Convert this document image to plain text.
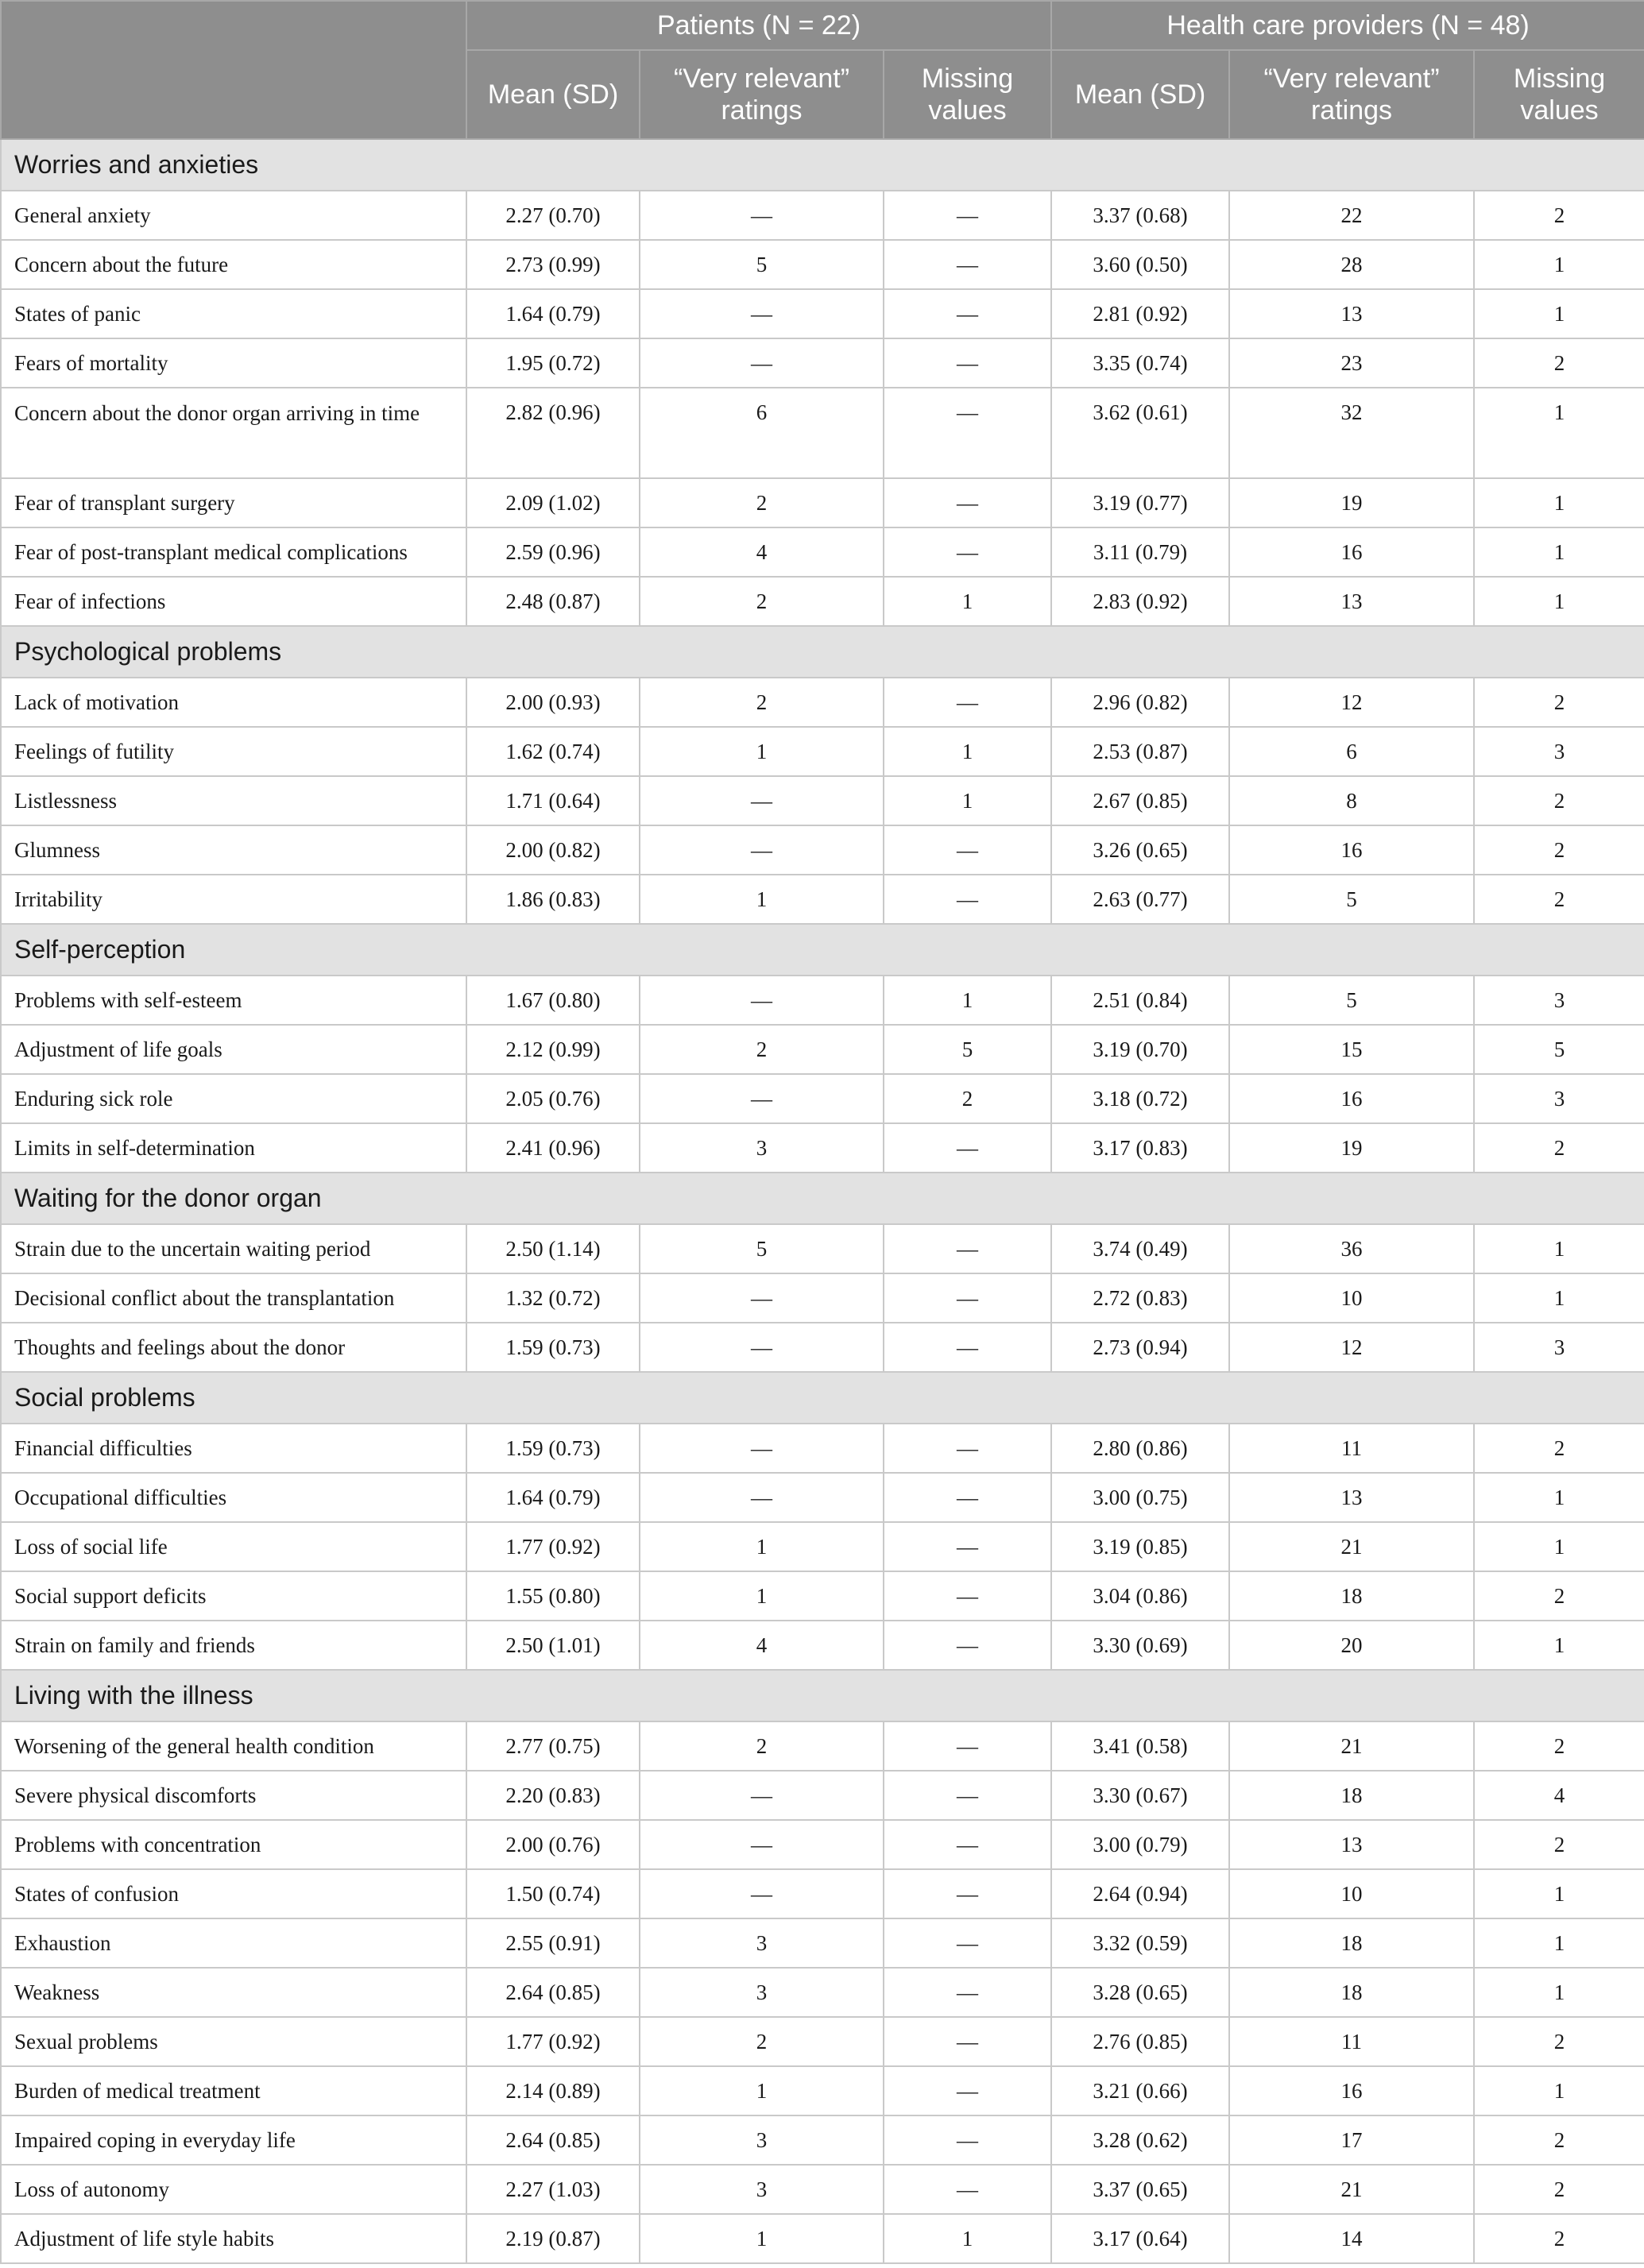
	Patients (N = 22)			Health care providers (N = 48)		
	Mean (SD)	“Very relevant” ratings	Missing values	Mean (SD)	“Very relevant” ratings	Missing values
Worries and anxieties						
General anxiety	2.27 (0.70)	—	—	3.37 (0.68)	22	2
Concern about the future	2.73 (0.99)	5	—	3.60 (0.50)	28	1
States of panic	1.64 (0.79)	—	—	2.81 (0.92)	13	1
Fears of mortality	1.95 (0.72)	—	—	3.35 (0.74)	23	2
Concern about the donor organ arriving in time	2.82 (0.96)	6	—	3.62 (0.61)	32	1
Fear of transplant surgery	2.09 (1.02)	2	—	3.19 (0.77)	19	1
Fear of post-transplant medical complications	2.59 (0.96)	4	—	3.11 (0.79)	16	1
Fear of infections	2.48 (0.87)	2	1	2.83 (0.92)	13	1
Psychological problems						
Lack of motivation	2.00 (0.93)	2	—	2.96 (0.82)	12	2
Feelings of futility	1.62 (0.74)	1	1	2.53 (0.87)	6	3
Listlessness	1.71 (0.64)	—	1	2.67 (0.85)	8	2
Glumness	2.00 (0.82)	—	—	3.26 (0.65)	16	2
Irritability	1.86 (0.83)	1	—	2.63 (0.77)	5	2
Self-perception						
Problems with self-esteem	1.67 (0.80)	—	1	2.51 (0.84)	5	3
Adjustment of life goals	2.12 (0.99)	2	5	3.19 (0.70)	15	5
Enduring sick role	2.05 (0.76)	—	2	3.18 (0.72)	16	3
Limits in self-determination	2.41 (0.96)	3	—	3.17 (0.83)	19	2
Waiting for the donor organ						
Strain due to the uncertain waiting period	2.50 (1.14)	5	—	3.74 (0.49)	36	1
Decisional conflict about the transplantation	1.32 (0.72)	—	—	2.72 (0.83)	10	1
Thoughts and feelings about the donor	1.59 (0.73)	—	—	2.73 (0.94)	12	3
Social problems						
Financial difficulties	1.59 (0.73)	—	—	2.80 (0.86)	11	2
Occupational difficulties	1.64 (0.79)	—	—	3.00 (0.75)	13	1
Loss of social life	1.77 (0.92)	1	—	3.19 (0.85)	21	1
Social support deficits	1.55 (0.80)	1	—	3.04 (0.86)	18	2
Strain on family and friends	2.50 (1.01)	4	—	3.30 (0.69)	20	1
Living with the illness						
Worsening of the general health condition	2.77 (0.75)	2	—	3.41 (0.58)	21	2
Severe physical discomforts	2.20 (0.83)	—	—	3.30 (0.67)	18	4
Problems with concentration	2.00 (0.76)	—	—	3.00 (0.79)	13	2
States of confusion	1.50 (0.74)	—	—	2.64 (0.94)	10	1
Exhaustion	2.55 (0.91)	3	—	3.32 (0.59)	18	1
Weakness	2.64 (0.85)	3	—	3.28 (0.65)	18	1
Sexual problems	1.77 (0.92)	2	—	2.76 (0.85)	11	2
Burden of medical treatment	2.14 (0.89)	1	—	3.21 (0.66)	16	1
Impaired coping in everyday life	2.64 (0.85)	3	—	3.28 (0.62)	17	2
Loss of autonomy	2.27 (1.03)	3	—	3.37 (0.65)	21	2
Adjustment of life style habits	2.19 (0.87)	1	1	3.17 (0.64)	14	2
